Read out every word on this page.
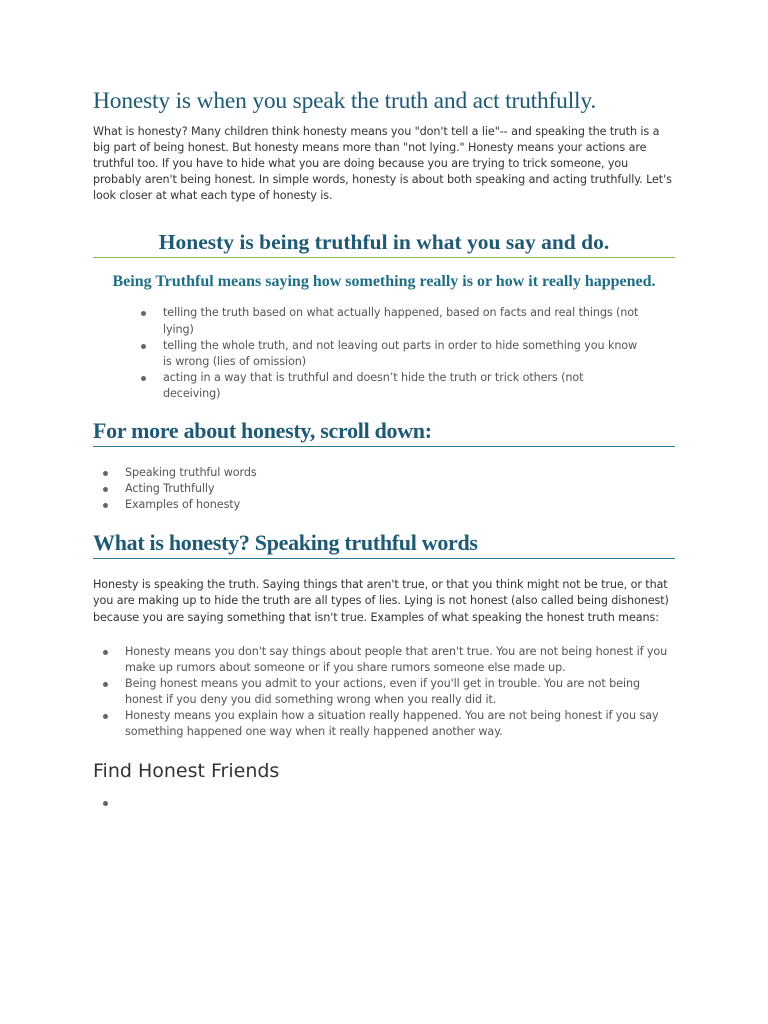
Honesty is when you speak the truth and act truthfully.

What is honesty? Many children think honesty means you "don't tell a lie"-- and speaking the truth is a big part of being honest. But honesty means more than "not lying." Honesty means your actions are truthful too. If you have to hide what you are doing because you are trying to trick someone, you probably aren't being honest. In simple words, honesty is about both speaking and acting truthfully. Let's look closer at what each type of honesty is.

Honesty is being truthful in what you say and do.
Being Truthful means saying how something really is or how it really happened.
telling the truth based on what actually happened, based on facts and real things (not lying)
telling the whole truth, and not leaving out parts in order to hide something you know is wrong (lies of omission)
acting in a way that is truthful and doesn’t hide the truth or trick others (not deceiving)
For more about honesty, scroll down:
Speaking truthful words
Acting Truthfully
Examples of honesty
What is honesty? Speaking truthful words

Honesty is speaking the truth. Saying things that aren't true, or that you think might not be true, or that you are making up to hide the truth are all types of lies. Lying is not honest (also called being dishonest) because you are saying something that isn't true. Examples of what speaking the honest truth means:

Honesty means you don't say things about people that aren't true. You are not being honest if you make up rumors about someone or if you share rumors someone else made up.
Being honest means you admit to your actions, even if you'll get in trouble. You are not being honest if you deny you did something wrong when you really did it.
Honesty means you explain how a situation really happened. You are not being honest if you say something happened one way when it really happened another way.
Find Honest Friends
